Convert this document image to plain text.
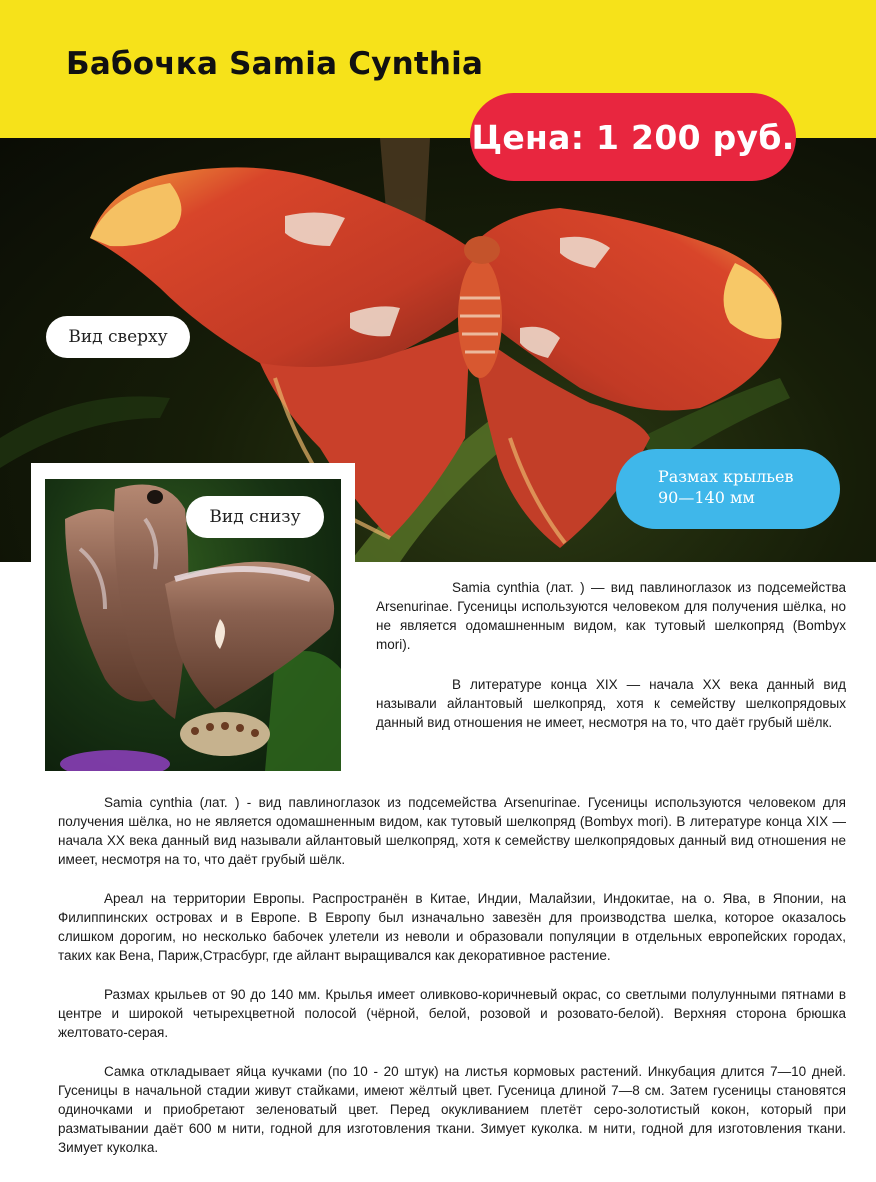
Бабочка Samia Cynthia
Цена: 1 200 руб.
Вид сверху
Размах крыльев
90—140 мм
Вид снизу

Samia cynthia (лат. ) — вид павлиноглазок из подсемейства Arsenurinae. Гусеницы используются человеком для получения шёлка, но не является одомашненным видом, как тутовый шелкопряд (Bombyx mori).

В литературе конца XIX — начала XX века данный вид называли айлантовый шелкопряд, хотя к семейству шелкопрядовых данный вид отношения не имеет, несмотря на то, что даёт грубый шёлк.

Samia cynthia (лат. ) - вид павлиноглазок из подсемейства Arsenurinae. Гусеницы используются человеком для получения шёлка, но не является одомашненным видом, как тутовый шелкопряд (Bombyx mori). В литературе конца XIX — начала XX века данный вид называли айлантовый шелкопряд, хотя к семейству шелкопрядовых данный вид отношения не имеет, несмотря на то, что даёт грубый шёлк.

Ареал на территории Европы. Распространён в Китае, Индии, Малайзии, Индокитае, на о. Ява, в Японии, на Филиппинских островах и в Европе. В Европу был изначально завезён для производства шелка, которое оказалось слишком дорогим, но несколько бабочек улетели из неволи и образовали популяции в отдельных европейских городах, таких как Вена, Париж,Страсбург, где айлант выращивался как декоративное растение.

Размах крыльев от 90 до 140 мм. Крылья имеет оливково-коричневый окрас, со светлыми полулунными пятнами в центре и широкой четырехцветной полосой (чёрной, белой, розовой и розовато-белой). Верхняя сторона брюшка желтовато-серая.

Самка откладывает яйца кучками (по 10 - 20 штук) на листья кормовых растений. Инкубация длится 7—10 дней. Гусеницы в начальной стадии живут стайками, имеют жёлтый цвет. Гусеница длиной 7—8 см. Затем гусеницы становятся одиночками и приобретают зеленоватый цвет. Перед окукливанием плетёт серо-золотистый кокон, который при разматывании даёт 600 м нити, годной для изготовления ткани. Зимует куколка. м нити, годной для изготовления ткани. Зимует куколка.
